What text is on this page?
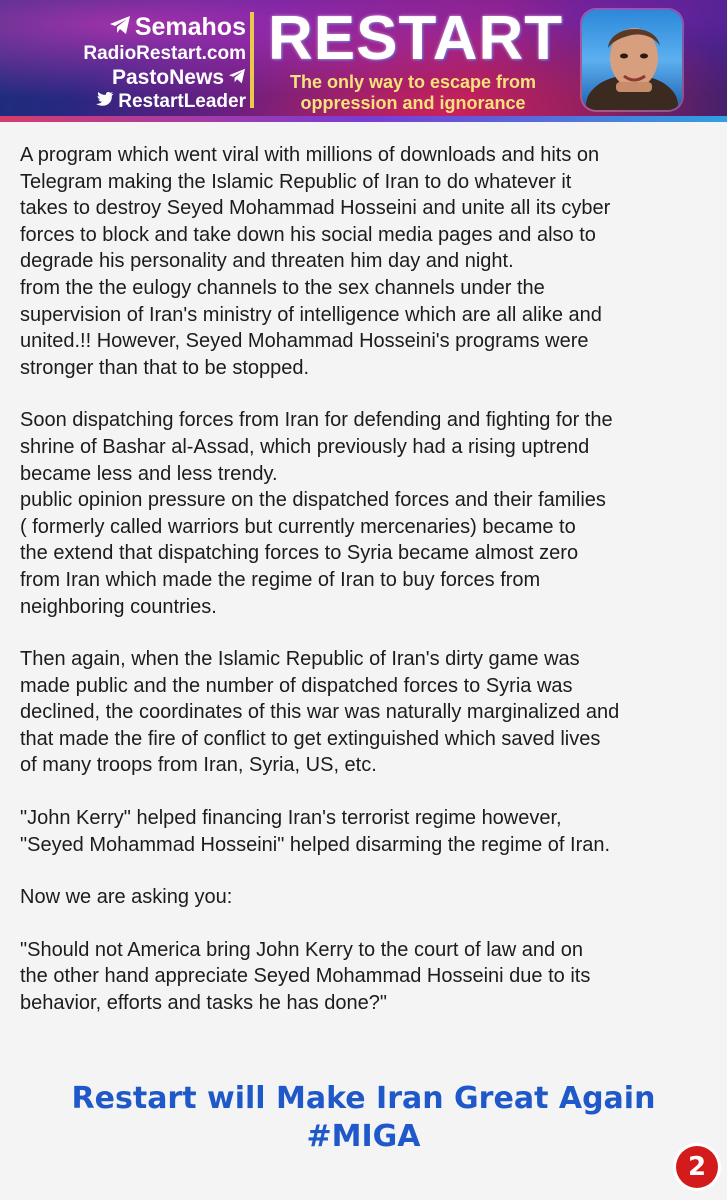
Semahos
RadioRestart.com
PastoNews
RestartLeader
RESTART
The only way to escape from
oppression and ignorance

A program which went viral with millions of downloads and hits on
Telegram making the Islamic Republic of Iran to do whatever it
takes to destroy Seyed Mohammad Hosseini and unite all its cyber
forces to block and take down his social media pages and also to
degrade his personality and threaten him day and night.
from the the eulogy channels to the sex channels under the
supervision of Iran's ministry of intelligence which are all alike and
united.!! However, Seyed Mohammad Hosseini's programs were
stronger than that to be stopped.

Soon dispatching forces from Iran for defending and fighting for the
shrine of Bashar al-Assad, which previously had a rising uptrend
became less and less trendy.
public opinion pressure on the dispatched forces and their families
( formerly called warriors but currently mercenaries) became to
the extend that dispatching forces to Syria became almost zero
from Iran which made the regime of Iran to buy forces from
neighboring countries.

Then again, when the Islamic Republic of Iran's dirty game was
made public and the number of dispatched forces to Syria was
declined, the coordinates of this war was naturally marginalized and
that made the fire of conflict to get extinguished which saved lives
of many troops from Iran, Syria, US, etc.

"John Kerry" helped financing Iran's terrorist regime however,
"Seyed Mohammad Hosseini" helped disarming the regime of Iran.

Now we are asking you:

"Should not America bring John Kerry to the court of law and on
the other hand appreciate Seyed Mohammad Hosseini due to its
behavior, efforts and tasks he has done?"

Restart will Make Iran Great Again
#MIGA
2
